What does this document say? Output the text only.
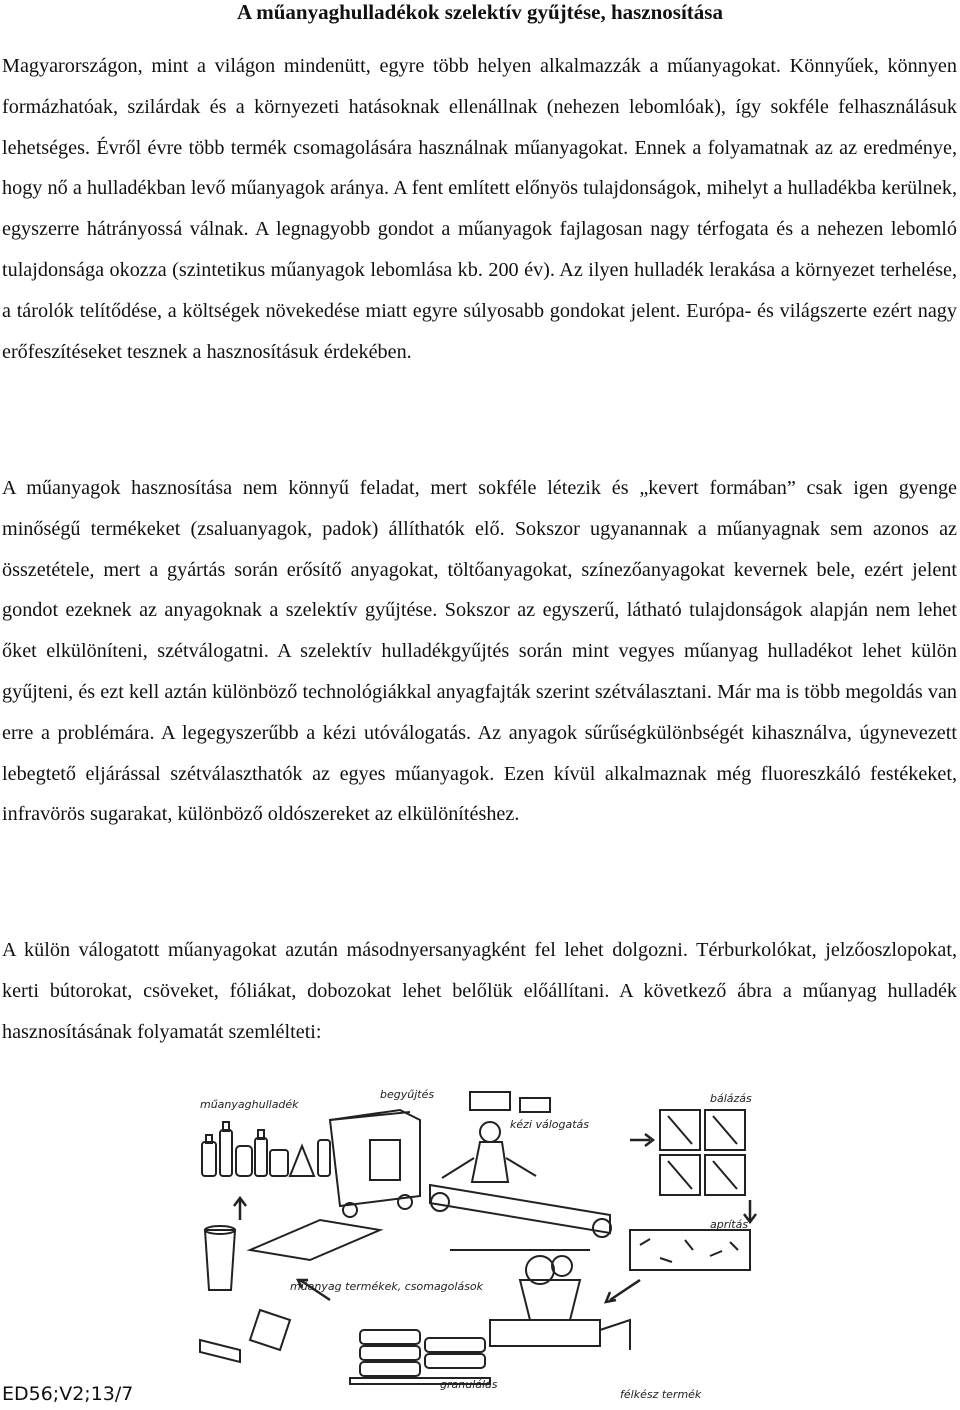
A műanyaghulladékok szelektív gyűjtése, hasznosítása

Magyarországon, mint a világon mindenütt, egyre több helyen alkalmazzák a műanyagokat. Könnyűek, könnyen formázhatóak, szilárdak és a környezeti hatásoknak ellenállnak (nehezen lebomlóak), így sokféle felhasználásuk lehetséges. Évről évre több termék csomagolására használnak műanyagokat. Ennek a folyamatnak az az eredménye, hogy nő a hulladékban levő műanyagok aránya. A fent említett előnyös tulajdonságok, mihelyt a hulladékba kerülnek, egyszerre hátrányossá válnak. A legnagyobb gondot a műanyagok fajlagosan nagy térfogata és a nehezen lebomló tulajdonsága okozza (szintetikus műanyagok lebomlása kb. 200 év). Az ilyen hulladék lerakása a környezet terhelése, a tárolók telítődése, a költségek növekedése miatt egyre súlyosabb gondokat jelent. Európa- és világszerte ezért nagy erőfeszítéseket tesznek a hasznosításuk érdekében.

A műanyagok hasznosítása nem könnyű feladat, mert sokféle létezik és „kevert formában” csak igen gyenge minőségű termékeket (zsaluanyagok, padok) állíthatók elő. Sokszor ugyanannak a műanyagnak sem azonos az összetétele, mert a gyártás során erősítő anyagokat, töltőanyagokat, színezőanyagokat kevernek bele, ezért jelent gondot ezeknek az anyagoknak a szelektív gyűjtése. Sokszor az egyszerű, látható tulajdonságok alapján nem lehet őket elkülöníteni, szétválogatni. A szelektív hulladékgyűjtés során mint vegyes műanyag hulladékot lehet külön gyűjteni, és ezt kell aztán különböző technológiákkal anyagfajták szerint szétválasztani. Már ma is több megoldás van erre a problémára. A legegyszerűbb a kézi utóválogatás. Az anyagok sűrűségkülönbségét kihasználva, úgynevezett lebegtető eljárással szétválaszthatók az egyes műanyagok. Ezen kívül alkalmaznak még fluoreszkáló festékeket, infravörös sugarakat, különböző oldószereket az elkülönítéshez.

A külön válogatott műanyagokat azután másodnyersanyagként fel lehet dolgozni. Térburkolókat, jelzőoszlopokat, kerti bútorokat, csöveket, fóliákat, dobozokat lehet belőlük előállítani. A következő ábra a műanyag hulladék hasznosításának folyamatát szemlélteti:

műanyaghulladék
begyűjtés
kézi válogatás
bálázás
aprítás
műanyag termékek, csomagolások
granulálás
félkész termék

ED56;V2;13/7
